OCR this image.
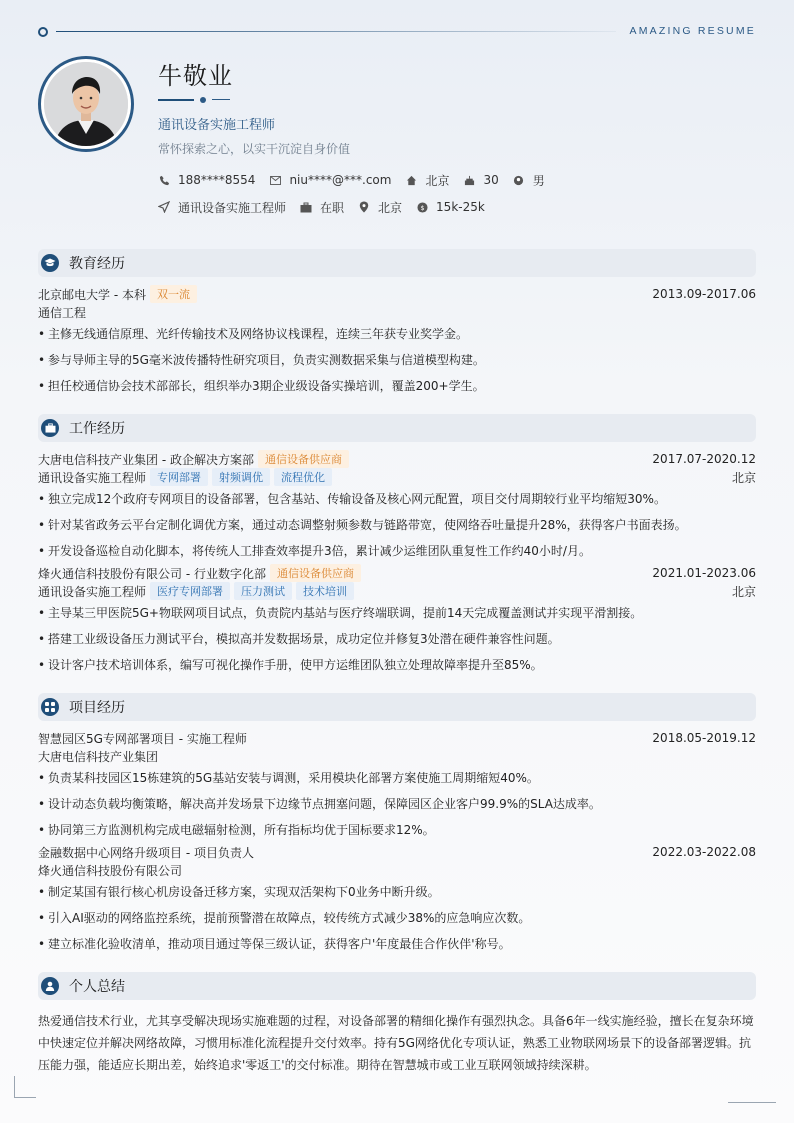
AMAZING RESUME
牛敬业
通讯设备实施工程师
常怀探索之心，以实干沉淀自身价值
188****8554	niu****@***.com	北京	30	男
通讯设备实施工程师	在职	北京	$ 15k-25k
教育经历
北京邮电大学 - 本科	双一流	2013.09-2017.06
通信工程
• 主修无线通信原理、光纤传输技术及网络协议栈课程，连续三年获专业奖学金。
• 参与导师主导的5G毫米波传播特性研究项目，负责实测数据采集与信道模型构建。
• 担任校通信协会技术部部长，组织举办3期企业级设备实操培训，覆盖200+学生。
工作经历
大唐电信科技产业集团 - 政企解决方案部	通信设备供应商	2017.07-2020.12
通讯设备实施工程师	专网部署	射频调优	流程优化	北京
• 独立完成12个政府专网项目的设备部署，包含基站、传输设备及核心网元配置，项目交付周期较行业平均缩短30%。
• 针对某省政务云平台定制化调优方案，通过动态调整射频参数与链路带宽，使网络吞吐量提升28%，获得客户书面表扬。
• 开发设备巡检自动化脚本，将传统人工排查效率提升3倍，累计减少运维团队重复性工作约40小时/月。
烽火通信科技股份有限公司 - 行业数字化部	通信设备供应商	2021.01-2023.06
通讯设备实施工程师	医疗专网部署	压力测试	技术培训	北京
• 主导某三甲医院5G+物联网项目试点，负责院内基站与医疗终端联调，提前14天完成覆盖测试并实现平滑割接。
• 搭建工业级设备压力测试平台，模拟高并发数据场景，成功定位并修复3处潜在硬件兼容性问题。
• 设计客户技术培训体系，编写可视化操作手册，使甲方运维团队独立处理故障率提升至85%。
项目经历
智慧园区5G专网部署项目 - 实施工程师	2018.05-2019.12
大唐电信科技产业集团
• 负责某科技园区15栋建筑的5G基站安装与调测，采用模块化部署方案使施工周期缩短40%。
• 设计动态负载均衡策略，解决高并发场景下边缘节点拥塞问题，保障园区企业客户99.9%的SLA达成率。
• 协同第三方监测机构完成电磁辐射检测，所有指标均优于国标要求12%。
金融数据中心网络升级项目 - 项目负责人	2022.03-2022.08
烽火通信科技股份有限公司
• 制定某国有银行核心机房设备迁移方案，实现双活架构下0业务中断升级。
• 引入AI驱动的网络监控系统，提前预警潜在故障点，较传统方式减少38%的应急响应次数。
• 建立标准化验收清单，推动项目通过等保三级认证，获得客户'年度最佳合作伙伴'称号。
个人总结
热爱通信技术行业，尤其享受解决现场实施难题的过程，对设备部署的精细化操作有强烈执念。具备6年一线实施经验，擅长在复杂环境中快速定位并解决网络故障，习惯用标准化流程提升交付效率。持有5G网络优化专项认证，熟悉工业物联网场景下的设备部署逻辑。抗压能力强，能适应长期出差，始终追求'零返工'的交付标准。期待在智慧城市或工业互联网领域持续深耕。
